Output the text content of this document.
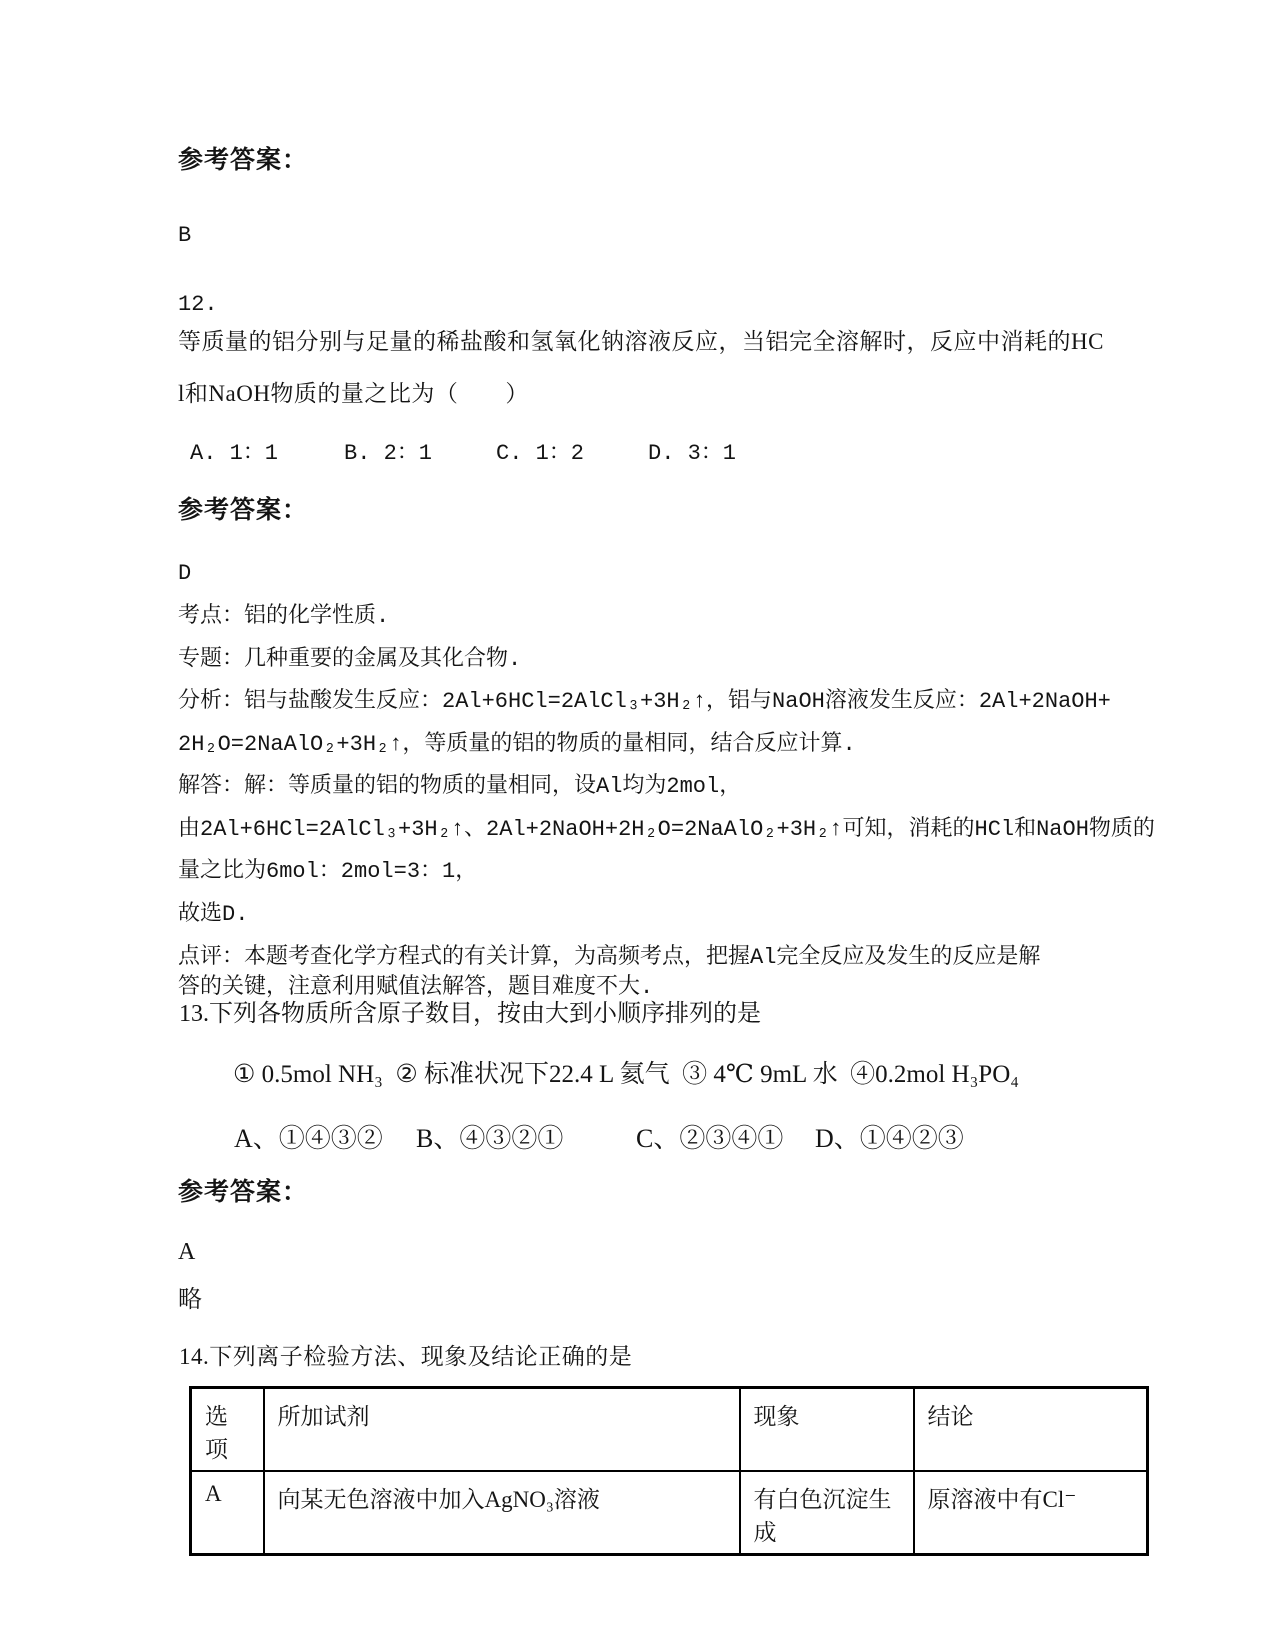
参考答案：
B
12.
等质量的铝分别与足量的稀盐酸和氢氧化钠溶液反应，当铝完全溶解时，反应中消耗的HC
l和NaOH物质的量之比为（　　）
A. 1：1	B. 2：1	C. 1：2	D. 3：1
参考答案：
D
考点：铝的化学性质.
专题：几种重要的金属及其化合物.
分析：铝与盐酸发生反应：2Al+6HCl=2AlCl₃+3H₂↑，铝与NaOH溶液发生反应：2Al+2NaOH+
2H₂O=2NaAlO₂+3H₂↑，等质量的铝的物质的量相同，结合反应计算.
解答：解：等质量的铝的物质的量相同，设Al均为2mol，
由2Al+6HCl=2AlCl₃+3H₂↑、2Al+2NaOH+2H₂O=2NaAlO₂+3H₂↑可知，消耗的HCl和NaOH物质的
量之比为6mol：2mol=3：1，
故选D.
点评：本题考查化学方程式的有关计算，为高频考点，把握Al完全反应及发生的反应是解
答的关键，注意利用赋值法解答，题目难度不大.
13.下列各物质所含原子数目，按由大到小顺序排列的是
① 0.5mol NH₃  ② 标准状况下22.4 L 氦气  ③ 4℃ 9mL 水  ④0.2mol H₃PO₄
A、①④③② B、④③②①	C、②③④① D、①④②③
参考答案：
A
略
14.下列离子检验方法、现象及结论正确的是
选项	所加试剂	现象	结论
A	向某无色溶液中加入AgNO₃溶液	有白色沉淀生成	原溶液中有Cl⁻
